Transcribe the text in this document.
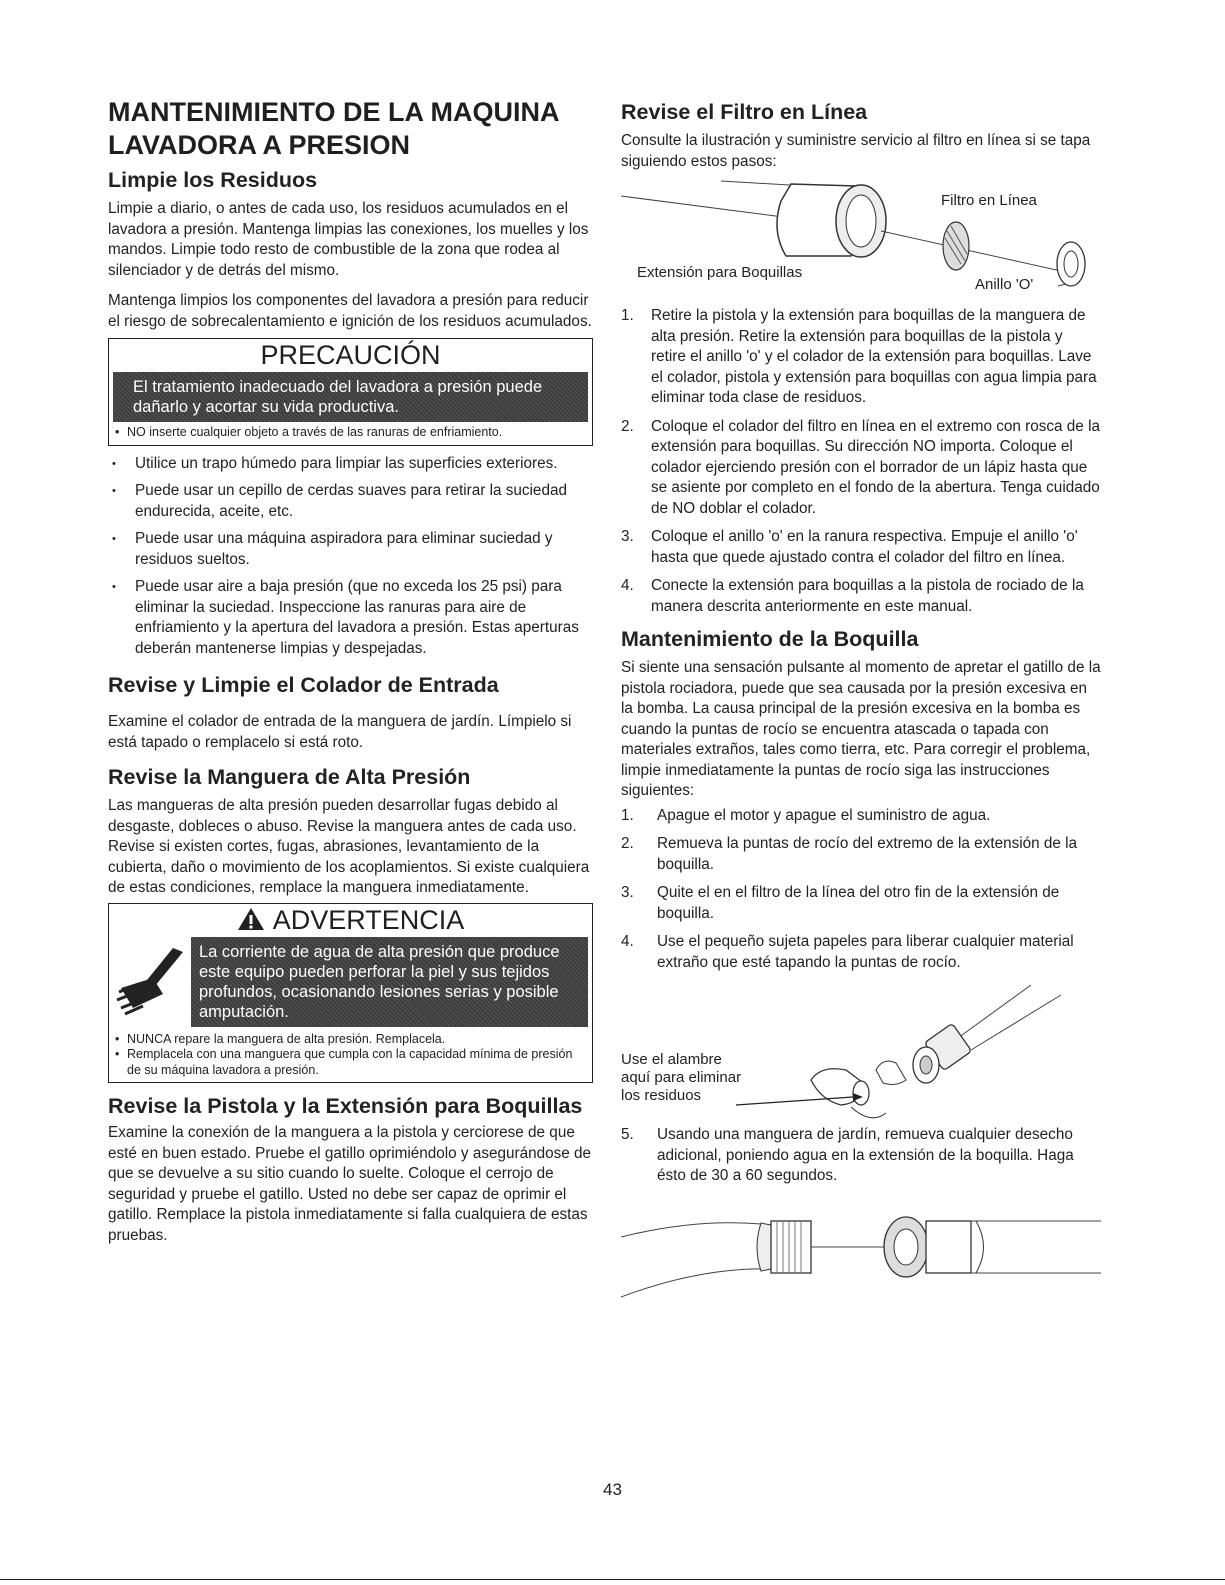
MANTENIMIENTO DE LA MAQUINA LAVADORA A PRESION
Limpie los Residuos

Limpie a diario, o antes de cada uso, los residuos acumulados en el lavadora a presión. Mantenga limpias las conexiones, los muelles y los mandos. Limpie todo resto de combustible de la zona que rodea al silenciador y de detrás del mismo.

Mantenga limpios los componentes del lavadora a presión para reducir el riesgo de sobrecalentamiento e ignición de los residuos acumulados.

PRECAUCIÓN
El tratamiento inadecuado del lavadora a presión puede dañarlo y acortar su vida productiva.
• NO inserte cualquier objeto a través de las ranuras de enfriamiento.
• Utilice un trapo húmedo para limpiar las superficies exteriores.
• Puede usar un cepillo de cerdas suaves para retirar la suciedad endurecida, aceite, etc.
• Puede usar una máquina aspiradora para eliminar suciedad y residuos sueltos.
• Puede usar aire a baja presión (que no exceda los 25 psi) para eliminar la suciedad. Inspeccione las ranuras para aire de enfriamiento y la apertura del lavadora a presión. Estas aperturas deberán mantenerse limpias y despejadas.
Revise y Limpie el Colador de Entrada

Examine el colador de entrada de la manguera de jardín. Límpielo si está tapado o remplacelo si está roto.

Revise la Manguera de Alta Presión

Las mangueras de alta presión pueden desarrollar fugas debido al desgaste, dobleces o abuso. Revise la manguera antes de cada uso. Revise si existen cortes, fugas, abrasiones, levantamiento de la cubierta, daño o movimiento de los acoplamientos. Si existe cualquiera de estas condiciones, remplace la manguera inmediatamente.

ADVERTENCIA
La corriente de agua de alta presión que produce este equipo pueden perforar la piel y sus tejidos profundos, ocasionando lesiones serias y posible amputación.
• NUNCA repare la manguera de alta presión. Remplacela.
• Remplacela con una manguera que cumpla con la capacidad mínima de presión de su máquina lavadora a presión.
Revise la Pistola y la Extensión para Boquillas

Examine la conexión de la manguera a la pistola y cerciorese de que esté en buen estado. Pruebe el gatillo oprimiéndolo y asegurándose de que se devuelve a su sitio cuando lo suelte. Coloque el cerrojo de seguridad y pruebe el gatillo. Usted no debe ser capaz de oprimir el gatillo. Remplace la pistola inmediatamente si falla cualquiera de estas pruebas.

Revise el Filtro en Línea

Consulte la ilustración y suministre servicio al filtro en línea si se tapa siguiendo estos pasos:

Filtro en Línea
Extensión para Boquillas
Anillo 'O'
1. Retire la pistola y la extensión para boquillas de la manguera de alta presión. Retire la extensión para boquillas de la pistola y retire el anillo 'o' y el colador de la extensión para boquillas. Lave el colador, pistola y extensión para boquillas con agua limpia para eliminar toda clase de residuos.
2. Coloque el colador del filtro en línea en el extremo con rosca de la extensión para boquillas. Su dirección NO importa. Coloque el colador ejerciendo presión con el borrador de un lápiz hasta que se asiente por completo en el fondo de la abertura. Tenga cuidado de NO doblar el colador.
3. Coloque el anillo 'o' en la ranura respectiva. Empuje el anillo 'o' hasta que quede ajustado contra el colador del filtro en línea.
4. Conecte la extensión para boquillas a la pistola de rociado de la manera descrita anteriormente en este manual.
Mantenimiento de la Boquilla

Si siente una sensación pulsante al momento de apretar el gatillo de la pistola rociadora, puede que sea causada por la presión excesiva en la bomba. La causa principal de la presión excesiva en la bomba es cuando la puntas de rocío se encuentra atascada o tapada con materiales extraños, tales como tierra, etc. Para corregir el problema, limpie inmediatamente la puntas de rocío siga las instrucciones siguientes:

1. Apague el motor y apague el suministro de agua.
2. Remueva la puntas de rocío del extremo de la extensión de la boquilla.
3. Quite el en el filtro de la línea del otro fin de la extensión de boquilla.
4. Use el pequeño sujeta papeles para liberar cualquier material extraño que esté tapando la puntas de rocío.
Use el alambre
aquí para eliminar
los residuos
5. Usando una manguera de jardín, remueva cualquier desecho adicional, poniendo agua en la extensión de la boquilla. Haga ésto de 30 a 60 segundos.
43
